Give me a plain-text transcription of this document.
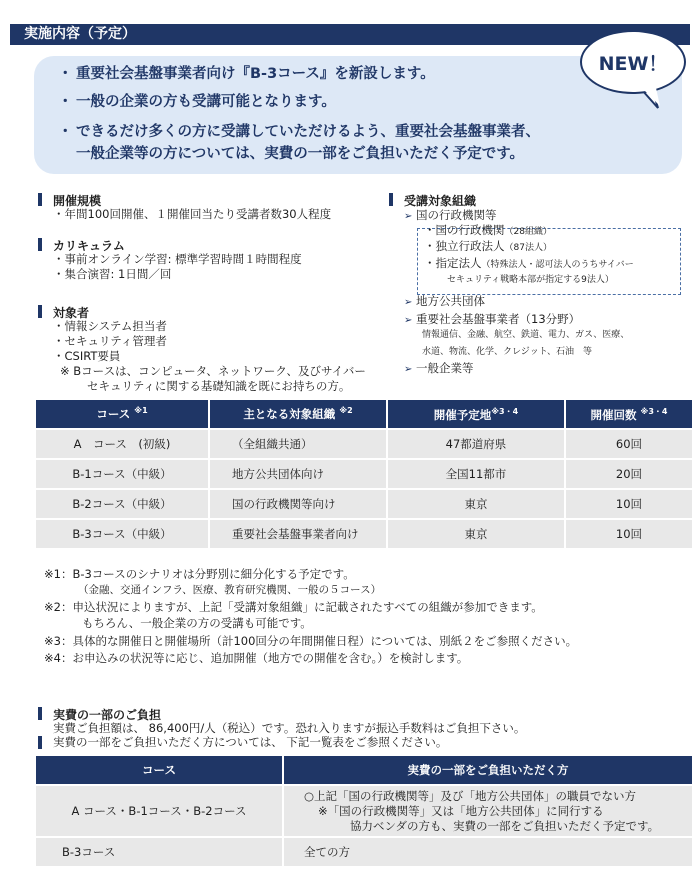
実施内容（予定）
・ 重要社会基盤事業者向け『B-3コース』を新設します。
・ 一般の企業の方も受講可能となります。
・ できるだけ多くの方に受講していただけるよう、重要社会基盤事業者、
一般企業等の方については、実費の一部をご負担いただく予定です。
NEW！
開催規模
・年間100回開催、１開催回当たり受講者数30人程度
カリキュラム
・事前オンライン学習: 標準学習時間１時間程度
・集合演習: 1日間／回
対象者
・情報システム担当者
・セキュリティ管理者
・CSIRT要員
※ Bコースは、コンピュータ、ネットワーク、及びサイバー
セキュリティに関する基礎知識を既にお持ちの方。
受講対象組織
➢ 国の行政機関等
・国の行政機関（28組織）
・独立行政法人（87法人）
・指定法人（特殊法人・認可法人のうちサイバー
セキュリティ戦略本部が指定する9法人）
➢ 地方公共団体
➢ 重要社会基盤事業者（13分野）
情報通信、金融、航空、鉄道、電力、ガス、医療、
水道、物流、化学、クレジット、石油　等
➢ 一般企業等
コース $^{※1}$	主となる対象組織 $^{※2}$	開催予定地$^{※3・4}$	開催回数 $^{※3・4}$
A　コース　(初級)	（全組織共通）	47都道府県	60回
B-1コース（中級）	地方公共団体向け	全国11都市	20回
B-2コース（中級）	国の行政機関等向け	東京	10回
B-3コース（中級）	重要社会基盤事業者向け	東京	10回
※1：B-3コースのシナリオは分野別に細分化する予定です。
（金融、交通インフラ、医療、教育研究機関、一般の５コース）
※2：申込状況によりますが、上記「受講対象組織」に記載されたすべての組織が参加できます。
もちろん、一般企業の方の受講も可能です。
※3：具体的な開催日と開催場所（計100回分の年間開催日程）については、別紙２をご参照ください。
※4：お申込みの状況等に応じ、追加開催（地方での開催を含む。）を検討します。
実費の一部のご負担
実費ご負担額は、 86,400円/人（税込）です。恐れ入りますが振込手数料はご負担下さい。
実費の一部をご負担いただく方については、 下記一覧表をご参照ください。
コース	実費の一部をご負担いただく方
A コース・B-1コース・B-2コース	○上記「国の行政機関等」及び「地方公共団体」の職員でない方
※「国の行政機関等」又は「地方公共団体」に同行する
協力ベンダの方も、実費の一部をご負担いただく予定です。

B-3コース	全ての方
